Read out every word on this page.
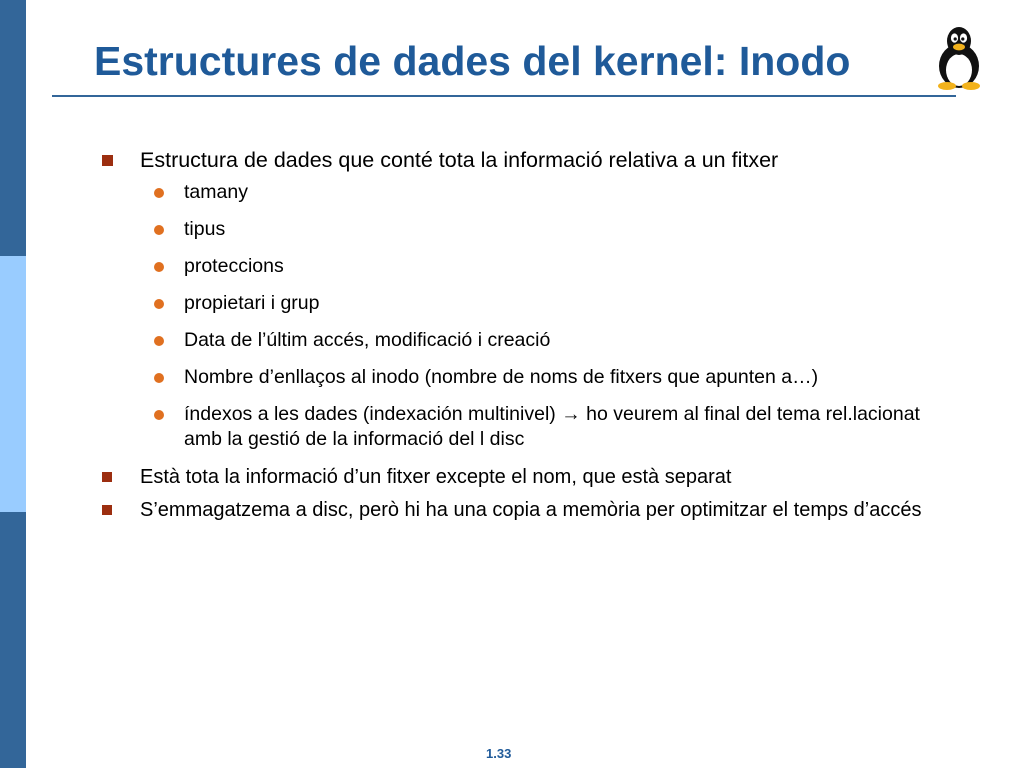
Estructures de dades del kernel: Inodo
Estructura de dades que conté tota la informació relativa a un fitxer
tamany
tipus
proteccions
propietari i grup
Data de l’últim accés, modificació i creació
Nombre d’enllaços al inodo (nombre de noms de fitxers que apunten a…)
índexos a les dades (indexación multinivel) → ho veurem al final del tema rel.lacionat amb la gestió de la informació del l disc
Està tota la informació d’un fitxer excepte el nom, que està separat
S’emmagatzema a disc, però hi ha una copia a memòria per optimitzar el temps d’accés
1.33
